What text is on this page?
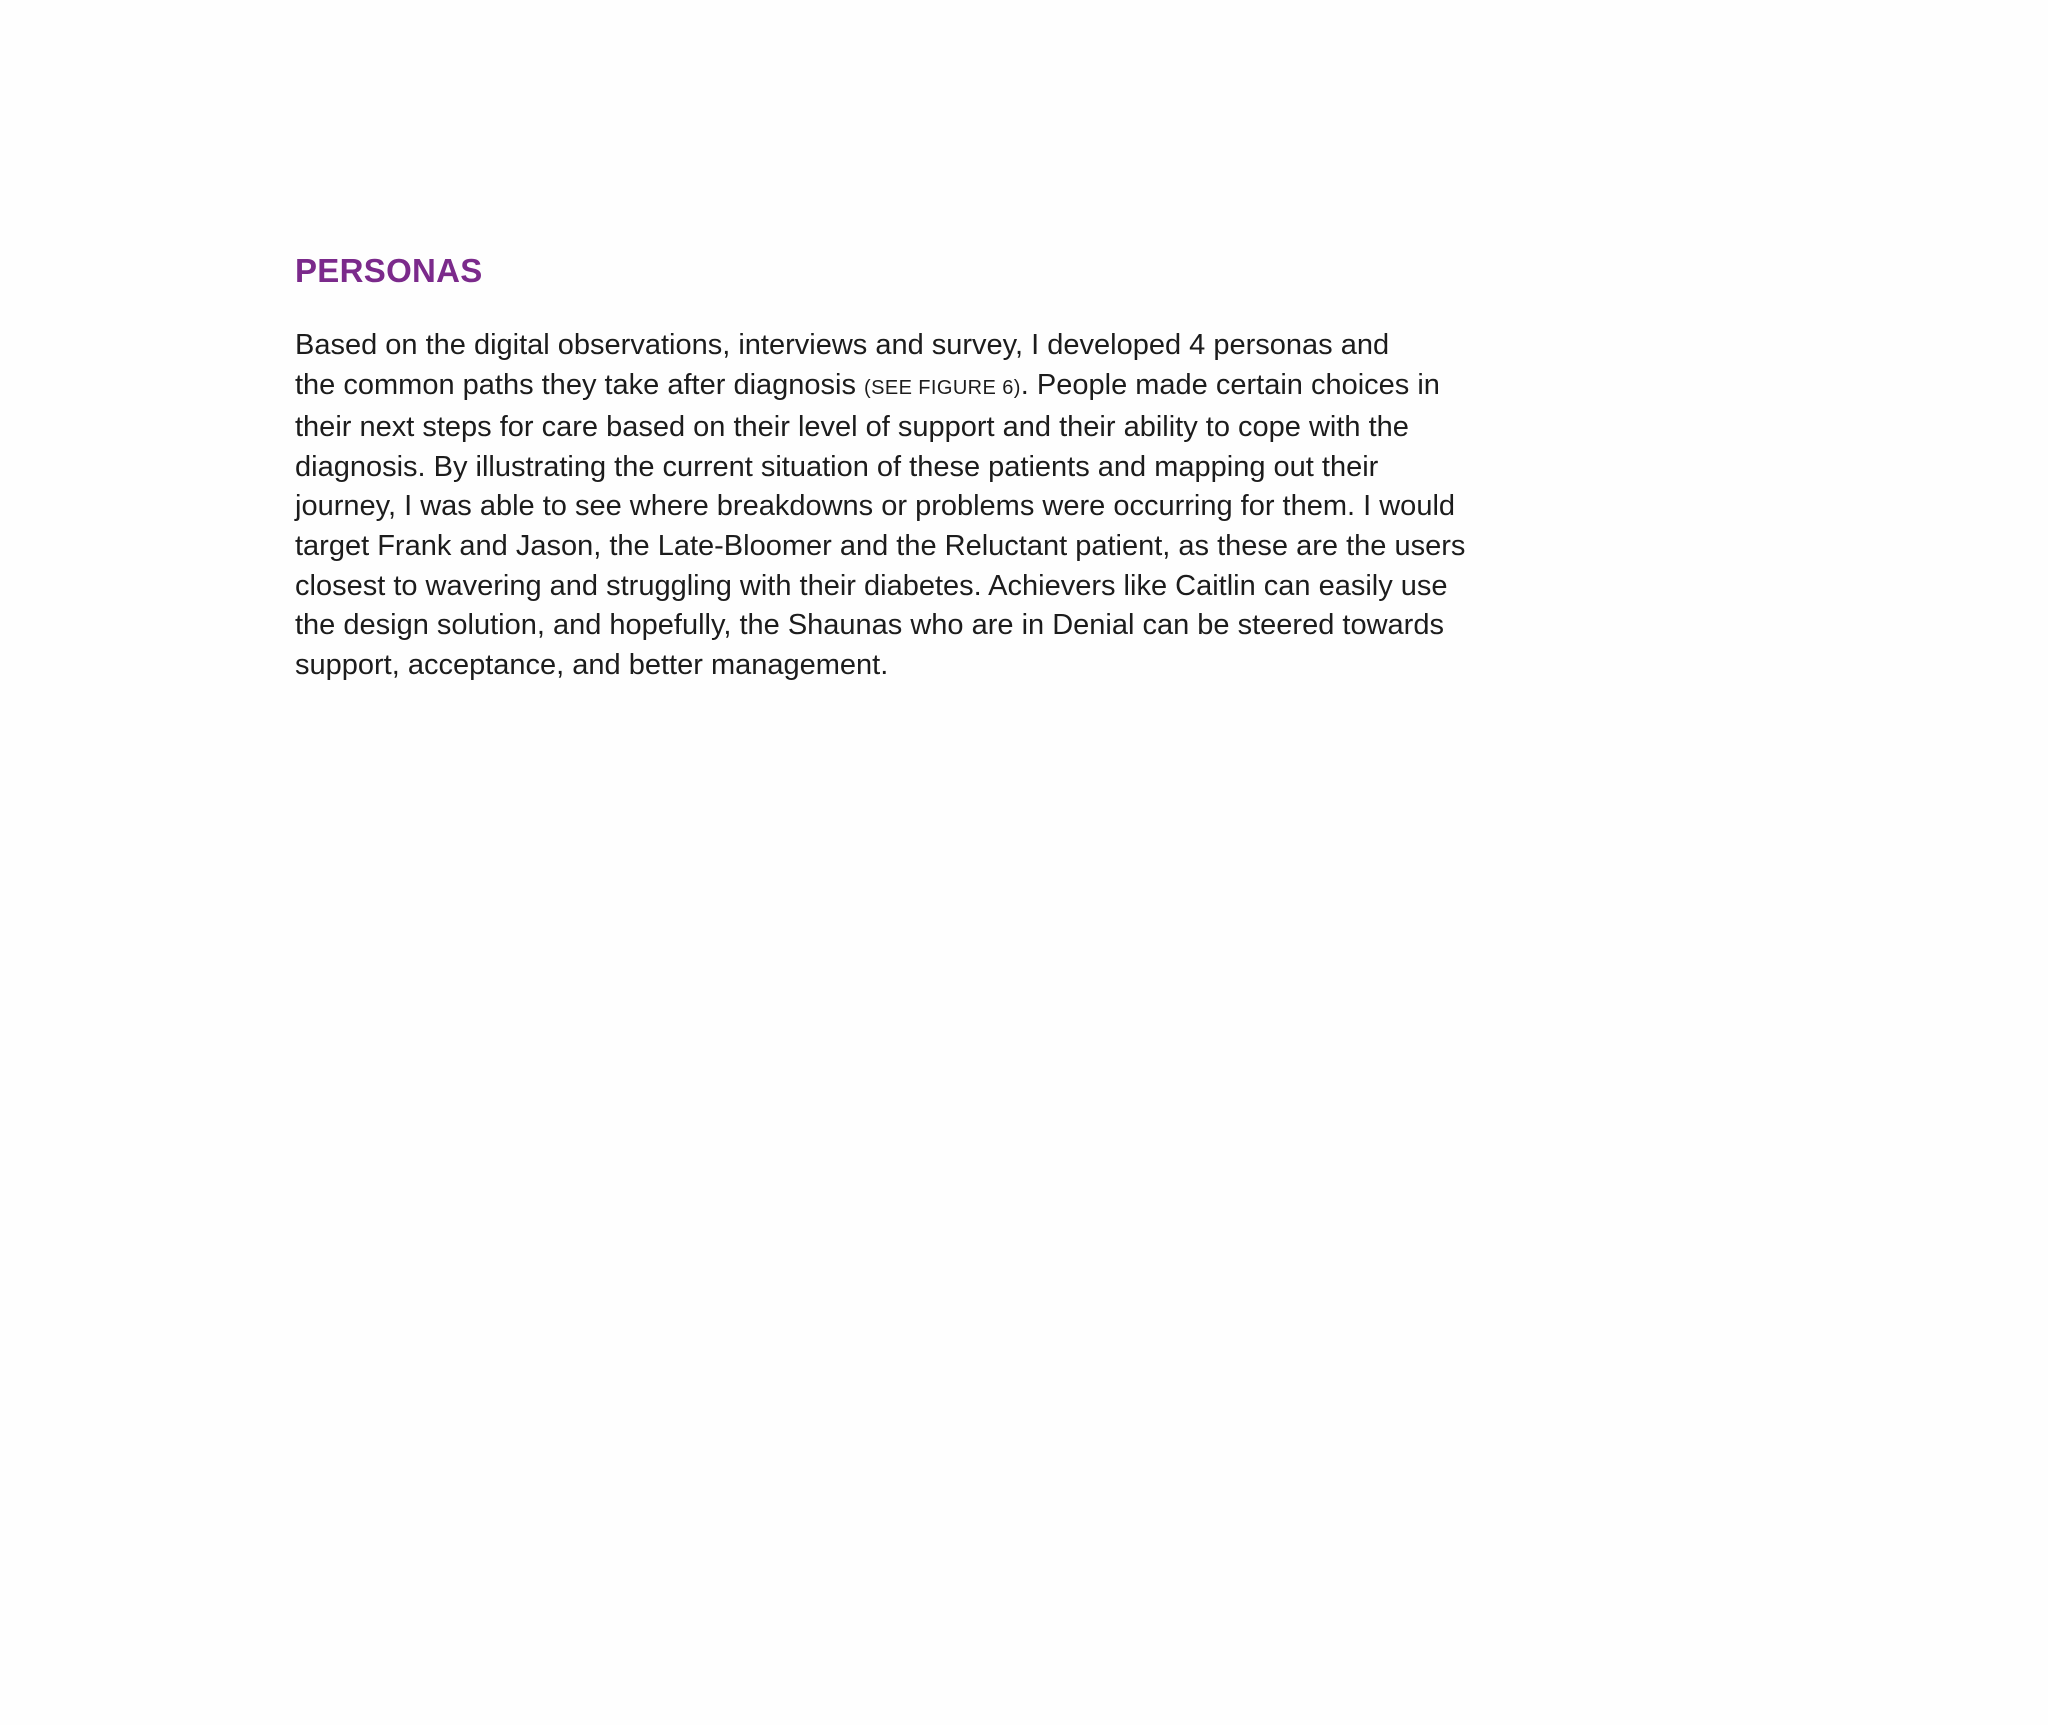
PERSONAS

Based on the digital observations, interviews and survey, I developed 4 personas and
the common paths they take after diagnosis (SEE FIGURE 6). People made certain choices in
their next steps for care based on their level of support and their ability to cope with the
diagnosis. By illustrating the current situation of these patients and mapping out their
journey, I was able to see where breakdowns or problems were occurring for them. I would
target Frank and Jason, the Late-Bloomer and the Reluctant patient, as these are the users
closest to wavering and struggling with their diabetes. Achievers like Caitlin can easily use
the design solution, and hopefully, the Shaunas who are in Denial can be steered towards
support, acceptance, and better management.
